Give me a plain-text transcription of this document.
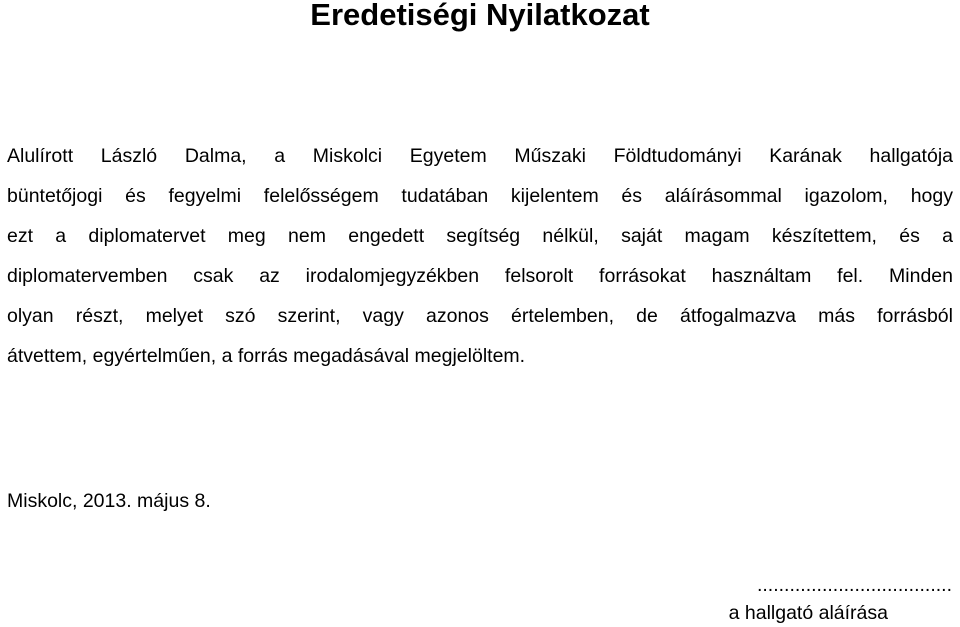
Eredetiségi Nyilatkozat
Alulírott László Dalma, a Miskolci Egyetem Műszaki Földtudományi Karának hallgatója
büntetőjogi és fegyelmi felelősségem tudatában kijelentem és aláírásommal igazolom, hogy
ezt a diplomatervet meg nem engedett segítség nélkül, saját magam készítettem, és a
diplomatervemben csak az irodalomjegyzékben felsorolt forrásokat használtam fel. Minden
olyan részt, melyet szó szerint, vagy azonos értelemben, de átfogalmazva más forrásból
átvettem, egyértelműen, a forrás megadásával megjelöltem.

Miskolc, 2013. május 8.

....................................
a hallgató aláírása
